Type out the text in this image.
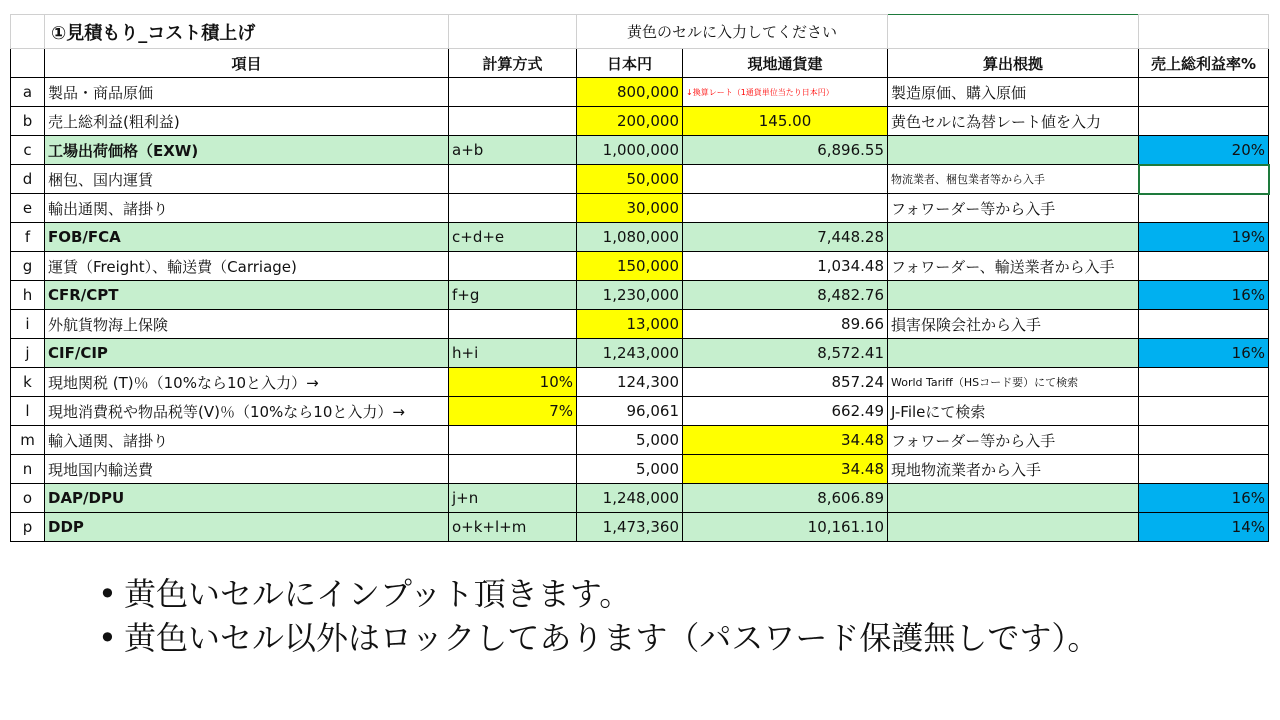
	①見積もり_コスト積上げ		黄色のセルに入力してください			
	項目	計算方式	日本円	現地通貨建	算出根拠	売上総利益率%
a	製品・商品原価		800,000	↓換算レート（1通貨単位当たり日本円）	製造原価、購入原価	
b	売上総利益(粗利益)		200,000	145.00	黄色セルに為替レート値を入力	
c	工場出荷価格（EXW)	a+b	1,000,000	6,896.55		20%
d	梱包、国内運賃		50,000		物流業者、梱包業者等から入手	
e	輸出通関、諸掛り		30,000		フォワーダー等から入手	
f	FOB/FCA	c+d+e	1,080,000	7,448.28		19%
g	運賃（Freight）、輸送費（Carriage)		150,000	1,034.48	フォワーダー、輸送業者から入手	
h	CFR/CPT	f+g	1,230,000	8,482.76		16%
i	外航貨物海上保険		13,000	89.66	損害保険会社から入手	
j	CIF/CIP	h+i	1,243,000	8,572.41		16%
k	現地関税 (T)％（10%なら10と入力）→	10%	124,300	857.24	World Tariff（HSコード要）にて検索	
l	現地消費税や物品税等(V)％（10%なら10と入力）→	7%	96,061	662.49	J-Fileにて検索	
m	輸入通関、諸掛り		5,000	34.48	フォワーダー等から入手	
n	現地国内輸送費		5,000	34.48	現地物流業者から入手	
o	DAP/DPU	j+n	1,248,000	8,606.89		16%
p	DDP	o+k+l+m	1,473,360	10,161.10		14%
• 黄色いセルにインプット頂きます。
• 黄色いセル以外はロックしてあります（パスワード保護無しです）。
